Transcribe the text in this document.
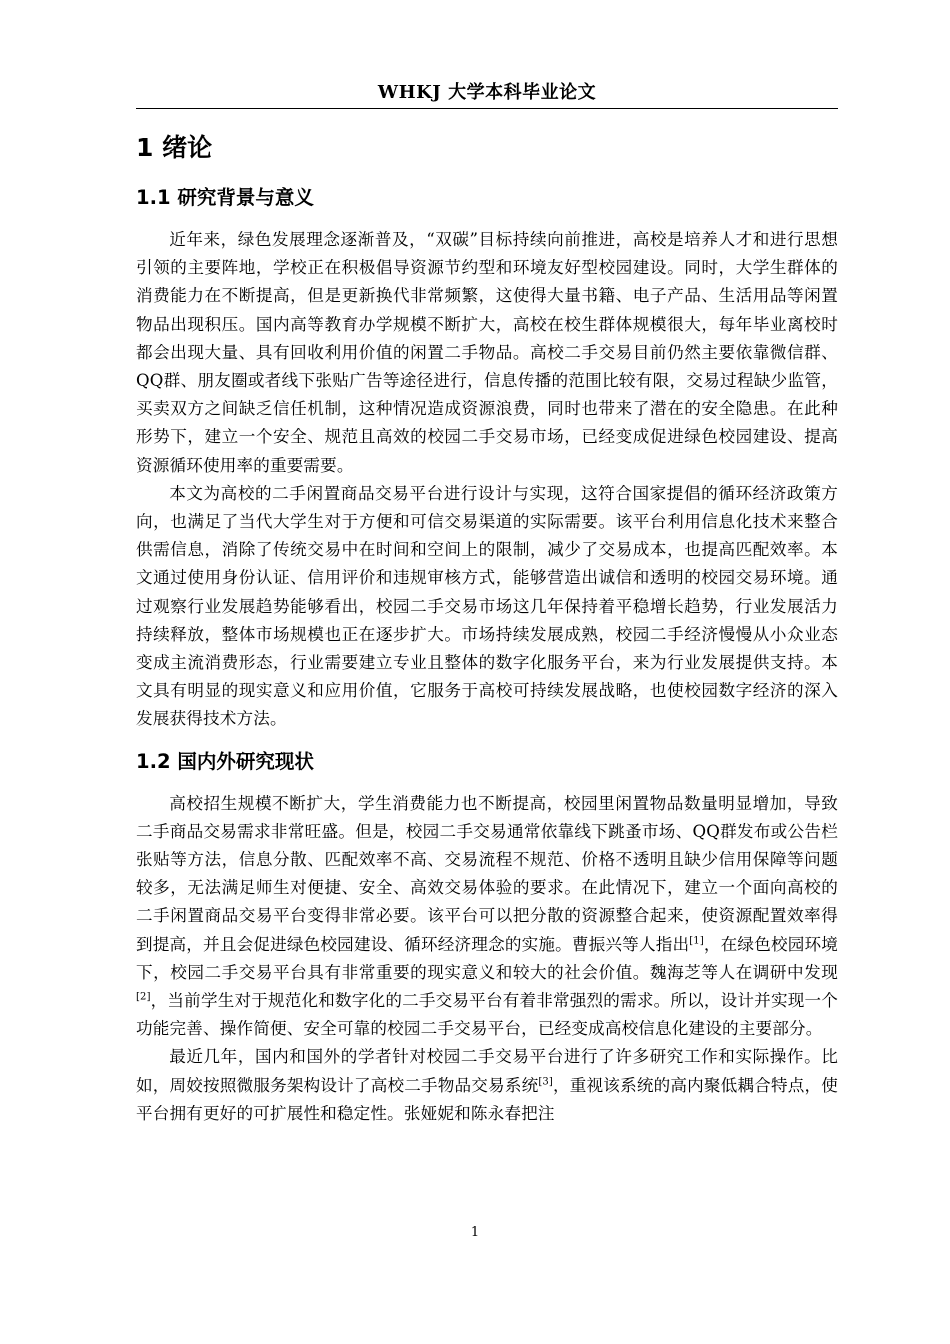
WHKJ 大学本科毕业论文
1 绪论
1.1 研究背景与意义

近年来，绿色发展理念逐渐普及，“双碳”目标持续向前推进，高校是培养人才和进行思想引领的主要阵地，学校正在积极倡导资源节约型和环境友好型校园建设。同时，大学生群体的消费能力在不断提高，但是更新换代非常频繁，这使得大量书籍、电子产品、生活用品等闲置物品出现积压。国内高等教育办学规模不断扩大，高校在校生群体规模很大，每年毕业离校时都会出现大量、具有回收利用价值的闲置二手物品。高校二手交易目前仍然主要依靠微信群、QQ群、朋友圈或者线下张贴广告等途径进行，信息传播的范围比较有限，交易过程缺少监管，买卖双方之间缺乏信任机制，这种情况造成资源浪费，同时也带来了潜在的安全隐患。在此种形势下，建立一个安全、规范且高效的校园二手交易市场，已经变成促进绿色校园建设、提高资源循环使用率的重要需要。

本文为高校的二手闲置商品交易平台进行设计与实现，这符合国家提倡的循环经济政策方向，也满足了当代大学生对于方便和可信交易渠道的实际需要。该平台利用信息化技术来整合供需信息，消除了传统交易中在时间和空间上的限制，减少了交易成本，也提高匹配效率。本文通过使用身份认证、信用评价和违规审核方式，能够营造出诚信和透明的校园交易环境。通过观察行业发展趋势能够看出，校园二手交易市场这几年保持着平稳增长趋势，行业发展活力持续释放，整体市场规模也正在逐步扩大。市场持续发展成熟，校园二手经济慢慢从小众业态变成主流消费形态，行业需要建立专业且整体的数字化服务平台，来为行业发展提供支持。本文具有明显的现实意义和应用价值，它服务于高校可持续发展战略，也使校园数字经济的深入发展获得技术方法。

1.2 国内外研究现状

高校招生规模不断扩大，学生消费能力也不断提高，校园里闲置物品数量明显增加，导致二手商品交易需求非常旺盛。但是，校园二手交易通常依靠线下跳蚤市场、QQ群发布或公告栏张贴等方法，信息分散、匹配效率不高、交易流程不规范、价格不透明且缺少信用保障等问题较多，无法满足师生对便捷、安全、高效交易体验的要求。在此情况下，建立一个面向高校的二手闲置商品交易平台变得非常必要。该平台可以把分散的资源整合起来，使资源配置效率得到提高，并且会促进绿色校园建设、循环经济理念的实施。曹振兴等人指出[1]，在绿色校园环境下，校园二手交易平台具有非常重要的现实意义和较大的社会价值。魏海芝等人在调研中发现[2]，当前学生对于规范化和数字化的二手交易平台有着非常强烈的需求。所以，设计并实现一个功能完善、操作简便、安全可靠的校园二手交易平台，已经变成高校信息化建设的主要部分。

最近几年，国内和国外的学者针对校园二手交易平台进行了许多研究工作和实际操作。比如，周姣按照微服务架构设计了高校二手物品交易系统[3]，重视该系统的高内聚低耦合特点，使平台拥有更好的可扩展性和稳定性。张娅妮和陈永春把注

1
